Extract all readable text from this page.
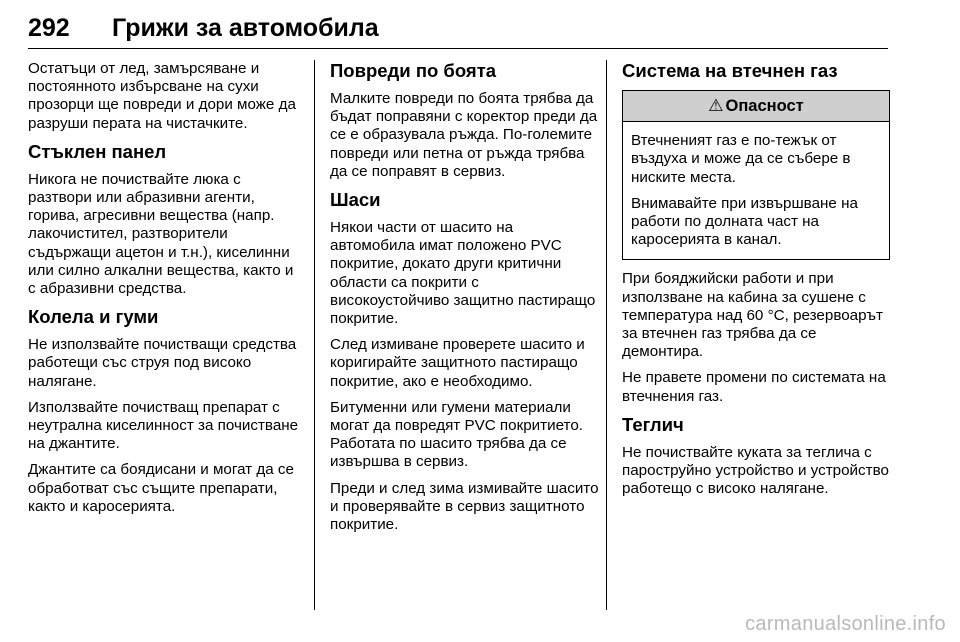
292 Грижи за автомобила

Остатъци от лед, замърсяване и постоянното избърсване на сухи прозорци ще повреди и дори може да разруши перата на чистачките.

Стъклен панел

Никога не почиствайте люка с разтвори или абразивни агенти, горива, агресивни вещества (напр. лакочистител, разтворители съдържащи ацетон и т.н.), киселинни или силно алкални вещества, както и с абразивни средства.

Колела и гуми

Не използвайте почистващи средства работещи със струя под високо налягане.

Използвайте почистващ препарат с неутрална киселинност за почистване на джантите.

Джантите са боядисани и могат да се обработват със същите препарати, както и каросерията.

Повреди по боята

Малките повреди по боята трябва да бъдат поправяни с коректор преди да се е образувала ръжда. По-големите повреди или петна от ръжда трябва да се поправят в сервиз.

Шаси

Някои части от шасито на автомобила имат положено PVC покритие, докато други критични области са покрити с високоустойчиво защитно пастиращо покритие.

След измиване проверете шасито и коригирайте защитното пастиращо покритие, ако е необходимо.

Битуменни или гумени материали могат да повредят PVC покритието. Работата по шасито трябва да се извършва в сервиз.

Преди и след зима измивайте шасито и проверявайте в сервиз защитното покритие.

Система на втечнен газ
⚠ Опасност

Втечненият газ е по-тежък от въздуха и може да се събере в ниските места.

Внимавайте при извършване на работи по долната част на каросерията в канал.

При бояджийски работи и при използване на кабина за сушене с температура над 60 °C, резервоарът за втечнен газ трябва да се демонтира.

Не правете промени по системата на втечнения газ.

Теглич

Не почиствайте куката за теглича с пароструйно устройство и устройство работещо с високо налягане.

carmanualsonline.info
